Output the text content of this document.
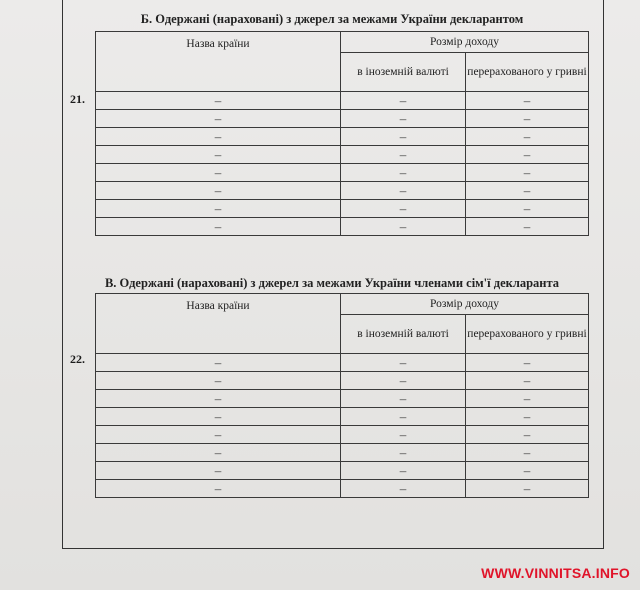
Б. Одержані (нараховані) з джерел за межами України декларантом
21.
Назва країни	Розмір доходу	
	в іноземній валюті	перерахованого у гривні
–	–	–
–	–	–
–	–	–
–	–	–
–	–	–
–	–	–
–	–	–
–	–	–
В. Одержані (нараховані) з джерел за межами України членами сім'ї декларанта
22.
Назва країни	Розмір доходу	
	в іноземній валюті	перерахованого у гривні
–	–	–
–	–	–
–	–	–
–	–	–
–	–	–
–	–	–
–	–	–
–	–	–
WWW.VINNITSA.INFO
